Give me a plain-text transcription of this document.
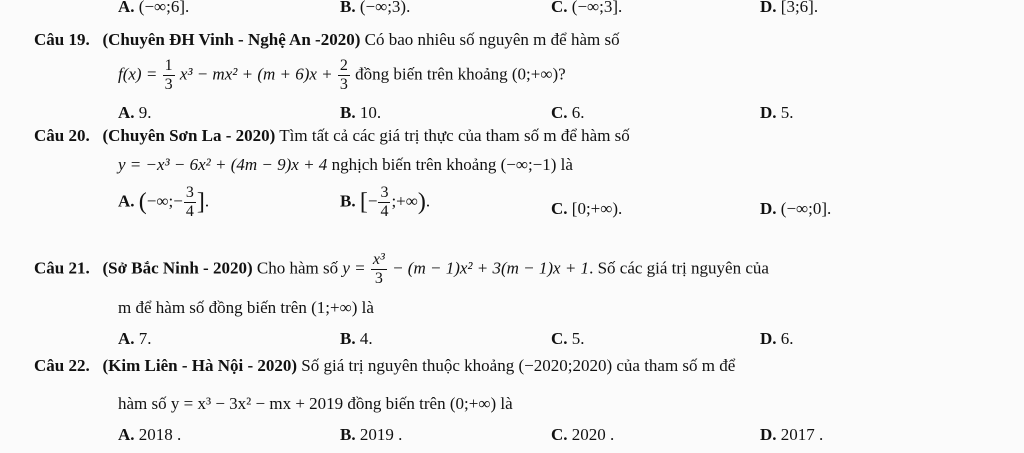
A. (−∞;6].	B. (−∞;3).	C. (−∞;3].	D. [3;6].
Câu 19. (Chuyên ĐH Vinh - Nghệ An -2020) Có bao nhiêu số nguyên m để hàm số
$f(x) = \frac{1}{3} x^3 - mx^2 + (m + 6)x + \frac{2}{3}$ đồng biến trên khoảng (0;+∞)?
A. 9.	B. 10.	C. 6.	D. 5.
Câu 20. (Chuyên Sơn La - 2020) Tìm tất cả các giá trị thực của tham số m để hàm số
y = −x³ − 6x² + (4m − 9)x + 4 nghịch biến trên khoảng (−∞;−1) là
A. (−∞;− $\frac{3}{4}$ ].	B. [− $\frac{3}{4}$ ;+∞).	C. [0;+∞).	D. (−∞;0].
Câu 21. (Sở Bắc Ninh - 2020) Cho hàm số $y = \frac{\text{x³}}{3} - (m - 1)x^2 + 3(m - 1)x + 1$. Số các giá trị nguyên của
m để hàm số đồng biến trên (1;+∞) là
A. 7.	B. 4.	C. 5.	D. 6.
Câu 22. (Kim Liên - Hà Nội - 2020) Số giá trị nguyên thuộc khoảng (−2020;2020) của tham số m để
hàm số y = x³ − 3x² − mx + 2019 đồng biến trên (0;+∞) là
A. 2018 .	B. 2019 .	C. 2020 .	D. 2017 .
